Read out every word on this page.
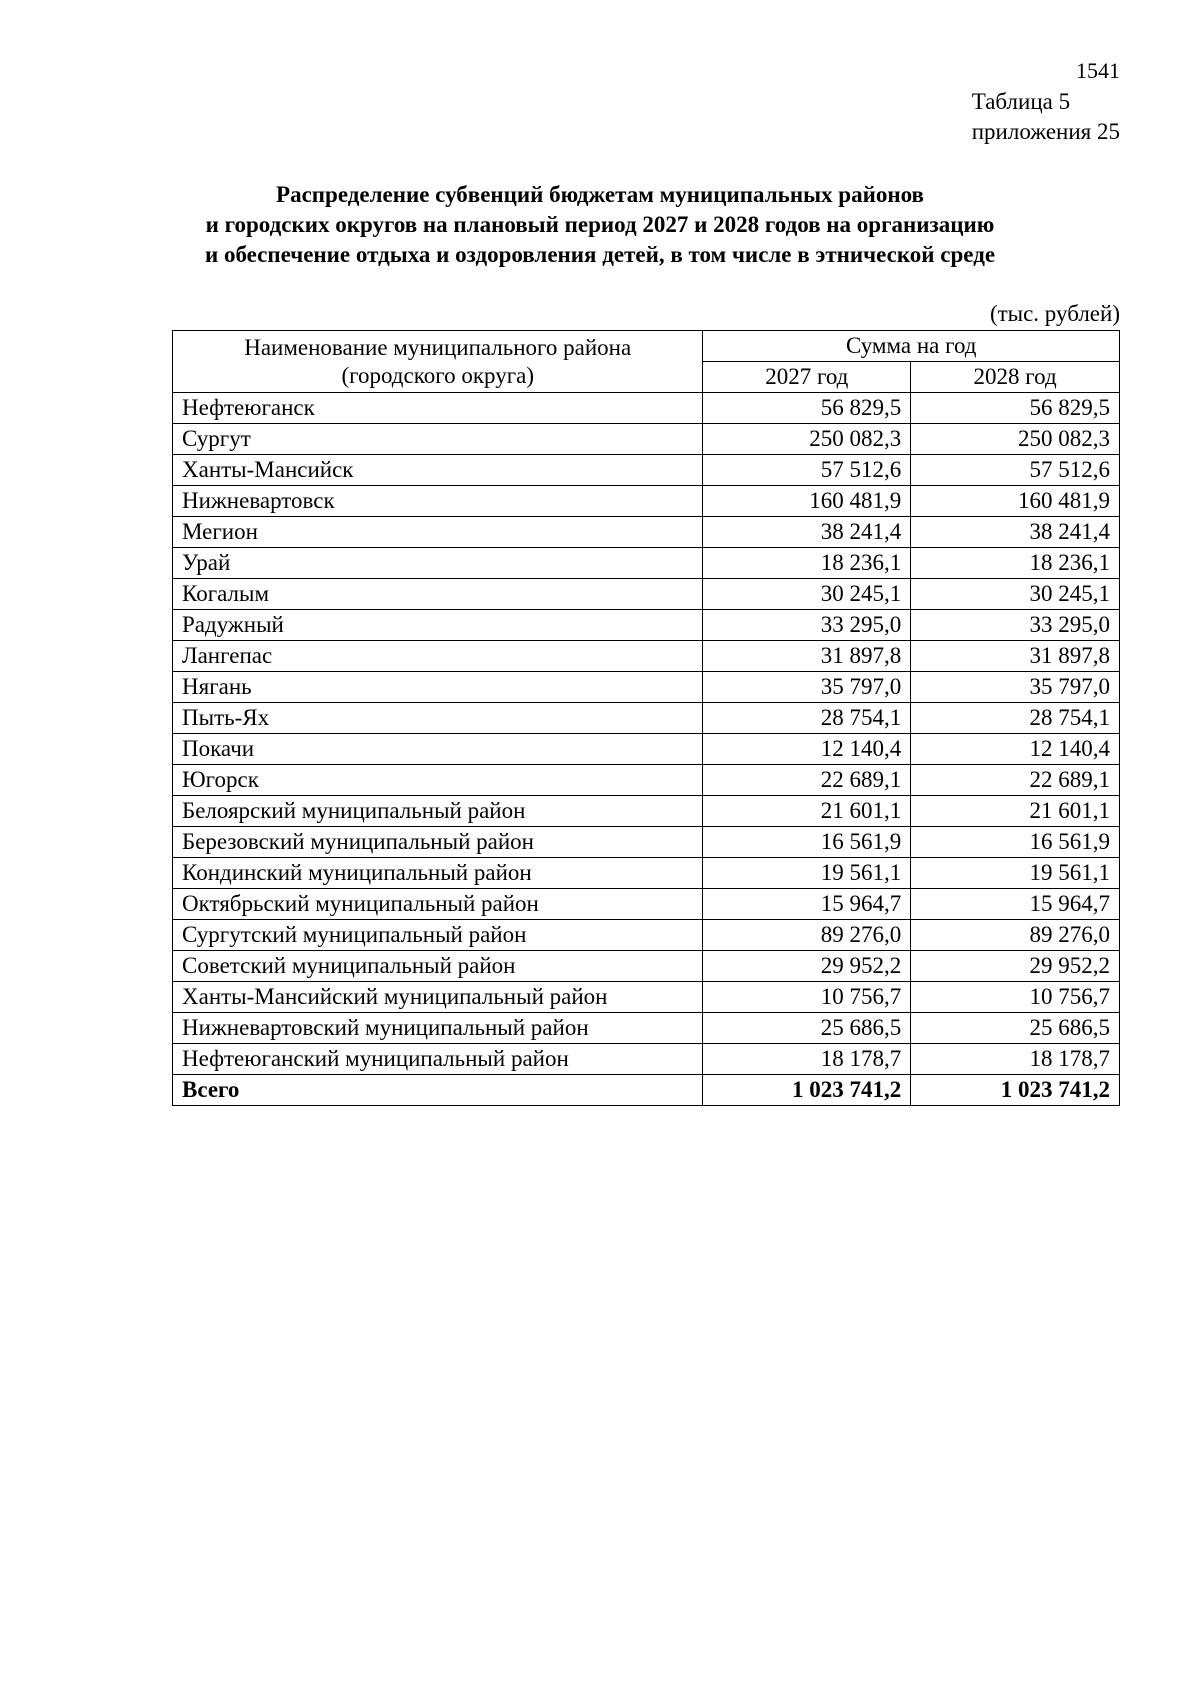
1541
Таблица 5
приложения 25
Распределение субвенций бюджетам муниципальных районов
и городских округов на плановый период 2027 и 2028 годов на организацию
и обеспечение отдыха и оздоровления детей, в том числе в этнической среде
(тыс. рублей)
Наименование муниципального района
(городского округа)	Сумма на год	
	2027 год	2028 год
Нефтеюганск	56 829,5	56 829,5
Сургут	250 082,3	250 082,3
Ханты-Мансийск	57 512,6	57 512,6
Нижневартовск	160 481,9	160 481,9
Мегион	38 241,4	38 241,4
Урай	18 236,1	18 236,1
Когалым	30 245,1	30 245,1
Радужный	33 295,0	33 295,0
Лангепас	31 897,8	31 897,8
Нягань	35 797,0	35 797,0
Пыть-Ях	28 754,1	28 754,1
Покачи	12 140,4	12 140,4
Югорск	22 689,1	22 689,1
Белоярский муниципальный район	21 601,1	21 601,1
Березовский муниципальный район	16 561,9	16 561,9
Кондинский муниципальный район	19 561,1	19 561,1
Октябрьский муниципальный район	15 964,7	15 964,7
Сургутский муниципальный район	89 276,0	89 276,0
Советский муниципальный район	29 952,2	29 952,2
Ханты-Мансийский муниципальный район	10 756,7	10 756,7
Нижневартовский муниципальный район	25 686,5	25 686,5
Нефтеюганский муниципальный район	18 178,7	18 178,7
Всего	1 023 741,2	1 023 741,2
